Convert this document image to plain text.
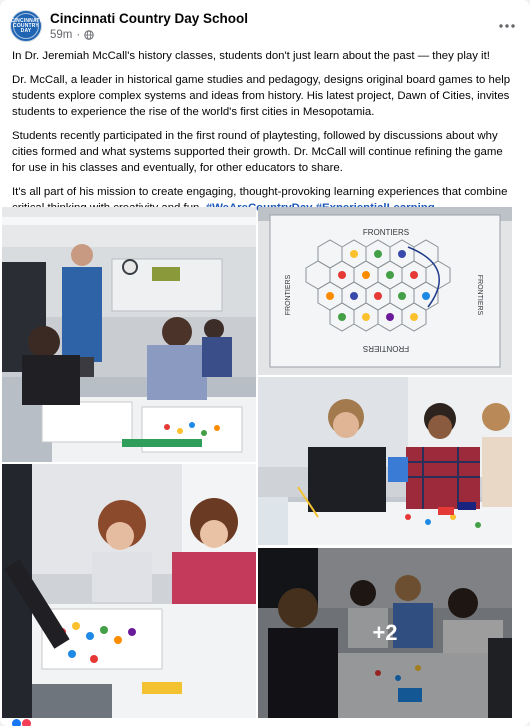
CINCINNATI
COUNTRY
DAY
Cincinnati Country Day School
59m ·

In Dr. Jeremiah McCall's history classes, students don't just learn about the past — they play it!

Dr. McCall, a leader in historical game studies and pedagogy, designs original board games to help students explore complex systems and ideas from history. His latest project, Dawn of Cities, invites students to experience the rise of the world's first cities in Mesopotamia.

Students recently participated in the first round of playtesting, followed by discussions about why cities formed and what systems supported their growth. Dr. McCall will continue refining the game for use in his classes and eventually, for other educators to share.

It's all part of his mission to create engaging, thought-provoking learning experiences that combine

FRONTIERS
FRONTIERS
FRONTIERS	FRONTIERS
+2
